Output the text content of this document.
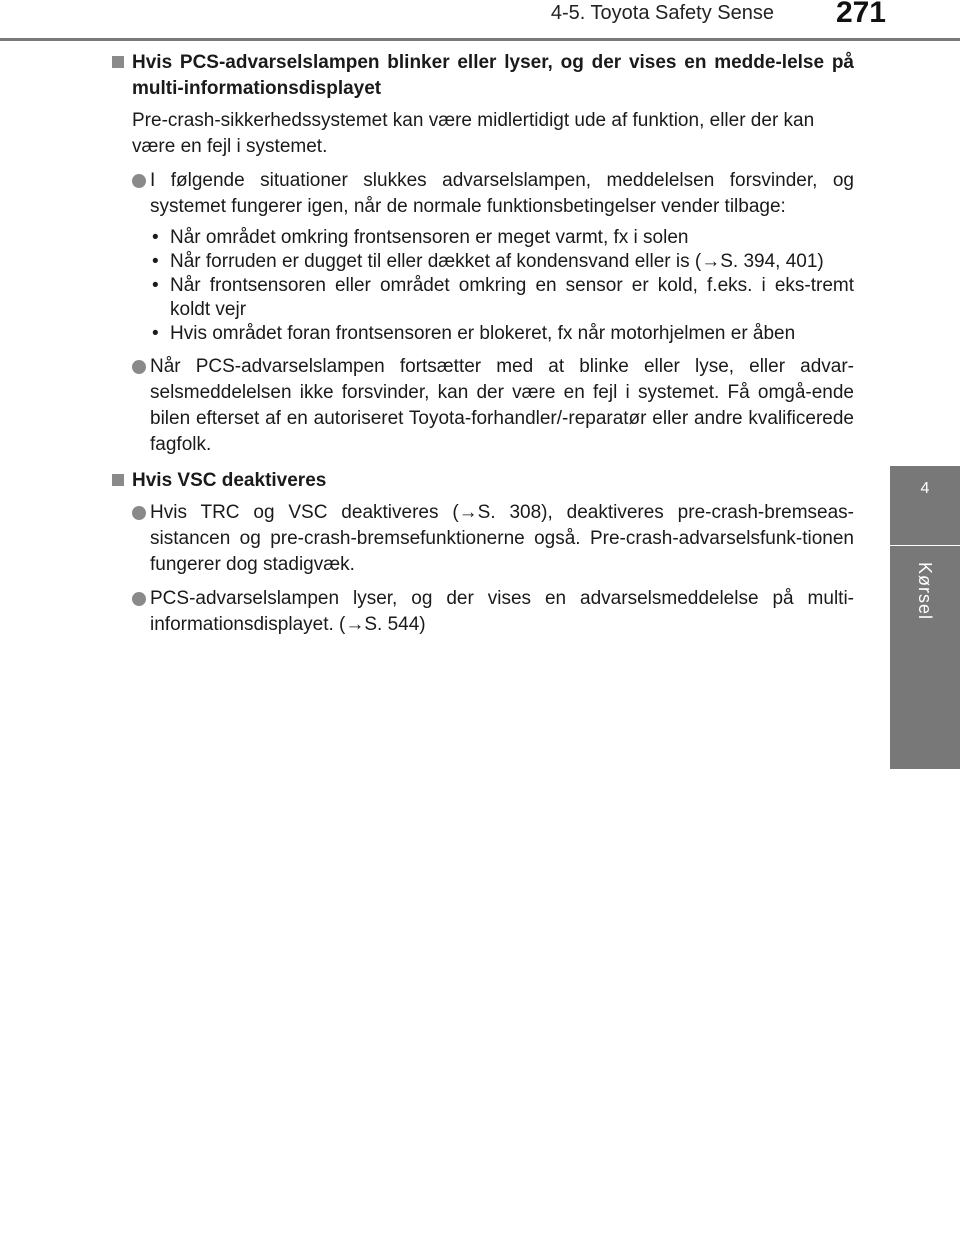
4-5. Toyota Safety Sense 271
4
Kørsel
Hvis PCS-advarselslampen blinker eller lyser, og der vises en medde-lelse på multi-informationsdisplayet
Pre-crash-sikkerhedssystemet kan være midlertidigt ude af funktion, eller der kan være en fejl i systemet.
I følgende situationer slukkes advarselslampen, meddelelsen forsvinder, og systemet fungerer igen, når de normale funktionsbetingelser vender tilbage:
• Når området omkring frontsensoren er meget varmt, fx i solen
• Når forruden er dugget til eller dækket af kondensvand eller is (→S. 394, 401)
• Når frontsensoren eller området omkring en sensor er kold, f.eks. i eks-tremt koldt vejr
• Hvis området foran frontsensoren er blokeret, fx når motorhjelmen er åben
Når PCS-advarselslampen fortsætter med at blinke eller lyse, eller advar-selsmeddelelsen ikke forsvinder, kan der være en fejl i systemet. Få omgå-ende bilen efterset af en autoriseret Toyota-forhandler/-reparatør eller andre kvalificerede fagfolk.
Hvis VSC deaktiveres
Hvis TRC og VSC deaktiveres (→S. 308), deaktiveres pre-crash-bremseas-sistancen og pre-crash-bremsefunktionerne også. Pre-crash-advarselsfunk-tionen fungerer dog stadigvæk.
PCS-advarselslampen lyser, og der vises en advarselsmeddelelse på multi-informationsdisplayet. (→S. 544)
